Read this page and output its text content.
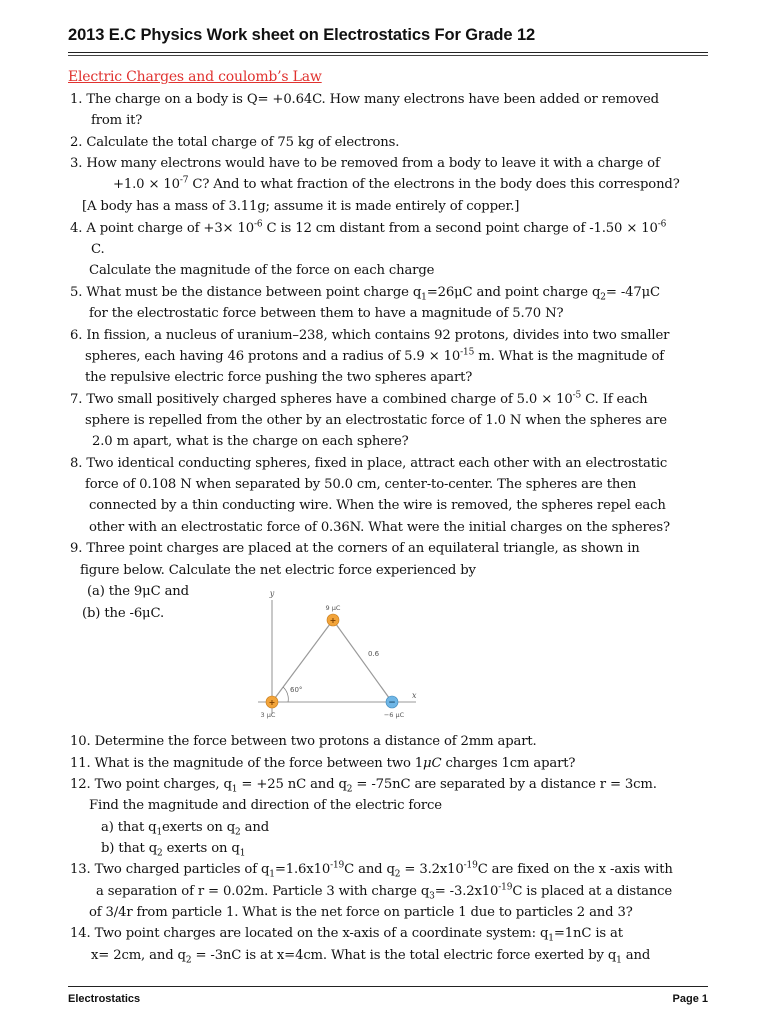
2013 E.C Physics Work sheet on Electrostatics For Grade 12
Electric Charges and coulomb’s Law
1. The charge on a body is Q= +0.64C. How many electrons have been added or removed
from it?
2. Calculate the total charge of 75 kg of electrons.
3. How many electrons would have to be removed from a body to leave it with a charge of
$+1.0 \times 10^{-7}$ C? And to what fraction of the electrons in the body does this correspond?
[A body has a mass of 3.11g; assume it is made entirely of copper.]
4. A point charge of $+3\times 10^{-6}$ C is 12 cm distant from a second point charge of $-1.50 \times 10^{-6}$
C.
Calculate the magnitude of the force on each charge
5. What must be the distance between point charge $q_1=26\mu C$ and point charge $q_2= -47\mu C$
for the electrostatic force between them to have a magnitude of 5.70 N?
6. In fission, a nucleus of uranium–238, which contains 92 protons, divides into two smaller
spheres, each having 46 protons and a radius of $5.9 \times 10^{-15}$ m. What is the magnitude of
the repulsive electric force pushing the two spheres apart?
7. Two small positively charged spheres have a combined charge of $5.0 \times 10^{-5}$ C. If each
sphere is repelled from the other by an electrostatic force of 1.0 N when the spheres are
2.0 m apart, what is the charge on each sphere?
8. Two identical conducting spheres, fixed in place, attract each other with an electrostatic
force of 0.108 N when separated by 50.0 cm, center-to-center. The spheres are then
connected by a thin conducting wire. When the wire is removed, the spheres repel each
other with an electrostatic force of 0.36N. What were the initial charges on the spheres?
9. Three point charges are placed at the corners of an equilateral triangle, as shown in
figure below. Calculate the net electric force experienced by
(a) the 9μC and
(b) the -6μC.
10. Determine the force between two protons a distance of 2mm apart.
11. What is the magnitude of the force between two 1μC charges 1cm apart?
12. Two point charges, $q_1 = +25$ nC and $q_2 = -75nC$ are separated by a distance r = 3cm.
Find the magnitude and direction of the electric force
a) that $q_1exerts$ on $q_2$ and
b) that $q_2$ exerts on $q_1$
13. Two charged particles of $q_1=1.6x10^{-19}C$ and $q_2 = 3.2x10^{-19}C$ are fixed on the x -axis with
a separation of r = 0.02m. Particle 3 with charge $q_3= -3.2x10^{-19}C$ is placed at a distance
of 3/4r from particle 1. What is the net force on particle 1 due to particles 2 and 3?
14. Two point charges are located on the x-axis of a coordinate system: $q_1=1nC$ is at
x= 2cm, and $q_2 = -3nC$ is at x=4cm. What is the total electric force exerted by $q_1$ and
y
x
60°
0.6
+
9 μC
+
3 μC
−
−6 μC
Electrostatics	Page 1
